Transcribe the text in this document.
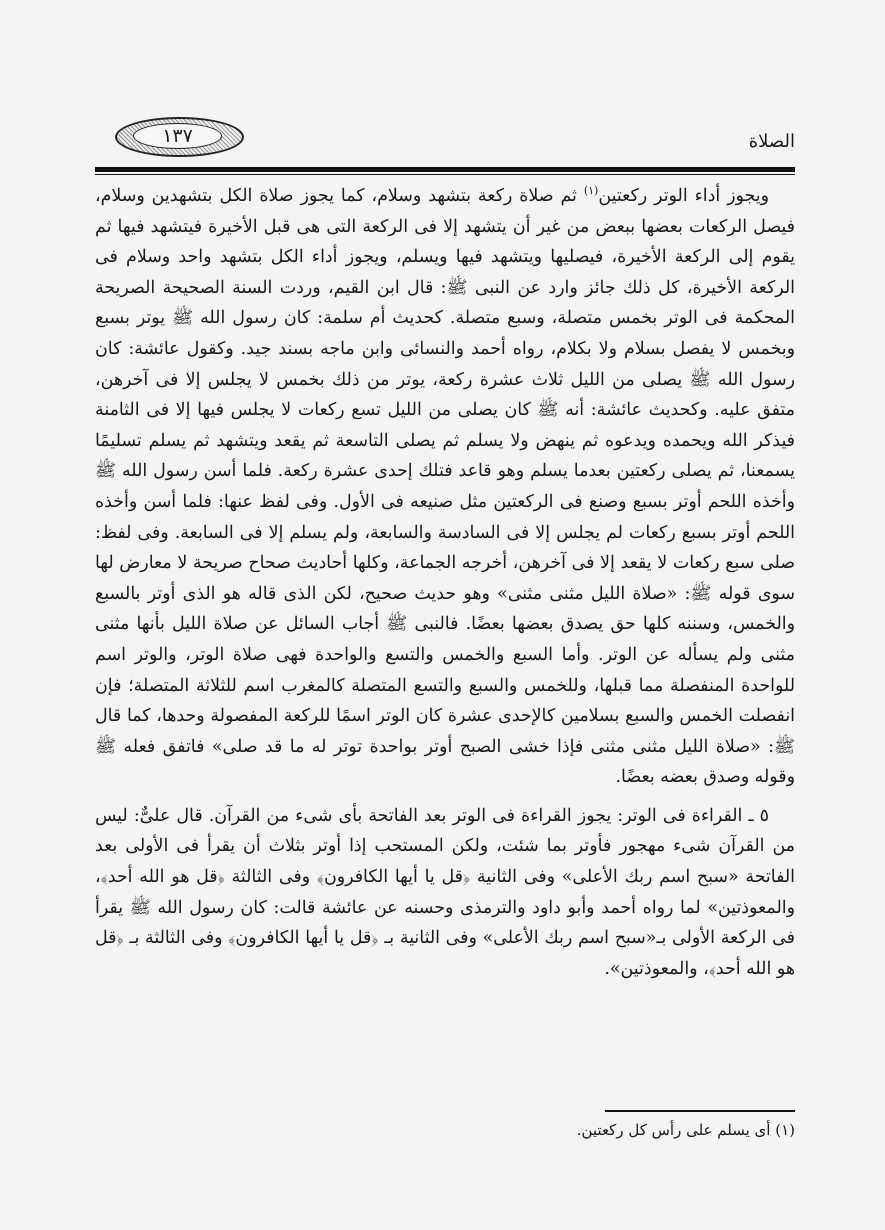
١٣٧	الصلاة

ويجوز أداء الوتر ركعتين$^{(١)}$ ثم صلاة ركعة بتشهد وسلام، كما يجوز صلاة الكل بتشهدين وسلام، فيصل الركعات بعضها ببعض من غير أن يتشهد إلا فى الركعة التى هى قبل الأخيرة فيتشهد فيها ثم يقوم إلى الركعة الأخيرة، فيصليها ويتشهد فيها ويسلم، ويجوز أداء الكل بتشهد واحد وسلام فى الركعة الأخيرة، كل ذلك جائز وارد عن النبى ﷺ: قال ابن القيم، وردت السنة الصحيحة الصريحة المحكمة فى الوتر بخمس متصلة، وسبع متصلة. كحديث أم سلمة: كان رسول الله ﷺ يوتر بسبع وبخمس لا يفصل بسلام ولا بكلام، رواه أحمد والنسائى وابن ماجه بسند جيد. وكقول عائشة: كان رسول الله ﷺ يصلى من الليل ثلاث عشرة ركعة، يوتر من ذلك بخمس لا يجلس إلا فى آخرهن، متفق عليه. وكحديث عائشة: أنه ﷺ كان يصلى من الليل تسع ركعات لا يجلس فيها إلا فى الثامنة فيذكر الله ويحمده ويدعوه ثم ينهض ولا يسلم ثم يصلى التاسعة ثم يقعد ويتشهد ثم يسلم تسليمًا يسمعنا، ثم يصلى ركعتين بعدما يسلم وهو قاعد فتلك إحدى عشرة ركعة. فلما أسن رسول الله ﷺ وأخذه اللحم أوتر بسبع وصنع فى الركعتين مثل صنيعه فى الأول. وفى لفظ عنها: فلما أسن وأخذه اللحم أوتر بسبع ركعات لم يجلس إلا فى السادسة والسابعة، ولم يسلم إلا فى السابعة. وفى لفظ: صلى سبع ركعات لا يقعد إلا فى آخرهن، أخرجه الجماعة، وكلها أحاديث صحاح صريحة لا معارض لها سوى قوله ﷺ: «صلاة الليل مثنى مثنى» وهو حديث صحيح، لكن الذى قاله هو الذى أوتر بالسبع والخمس، وسننه كلها حق يصدق بعضها بعضًا. فالنبى ﷺ أجاب السائل عن صلاة الليل بأنها مثنى مثنى ولم يسأله عن الوتر. وأما السبع والخمس والتسع والواحدة فهى صلاة الوتر، والوتر اسم للواحدة المنفصلة مما قبلها، وللخمس والسبع والتسع المتصلة كالمغرب اسم للثلاثة المتصلة؛ فإن انفصلت الخمس والسبع بسلامين كالإحدى عشرة كان الوتر اسمًا للركعة المفصولة وحدها، كما قال ﷺ: «صلاة الليل مثنى مثنى فإذا خشى الصبح أوتر بواحدة توتر له ما قد صلى» فاتفق فعله ﷺ وقوله وصدق بعضه بعضًا.

٥ ـ القراءة فى الوتر: يجوز القراءة فى الوتر بعد الفاتحة بأى شىء من القرآن. قال علىٌّ: ليس من القرآن شىء مهجور فأوتر بما شئت، ولكن المستحب إذا أوتر بثلاث أن يقرأ فى الأولى بعد الفاتحة «سبح اسم ربك الأعلى» وفى الثانية ﴿قل يا أيها الكافرون﴾ وفى الثالثة ﴿قل هو الله أحد﴾، والمعوذتين» لما رواه أحمد وأبو داود والترمذى وحسنه عن عائشة قالت: كان رسول الله ﷺ يقرأ فى الركعة الأولى بـ«سبح اسم ربك الأعلى» وفى الثانية بـ ﴿قل يا أيها الكافرون﴾ وفى الثالثة بـ ﴿قل هو الله أحد﴾، والمعوذتين».

(١) أى يسلم على رأس كل ركعتين.
